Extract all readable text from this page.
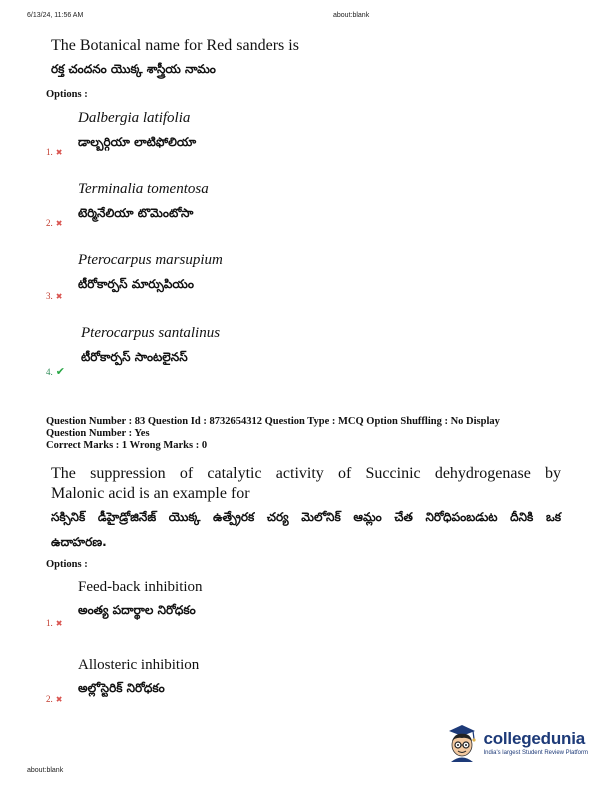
6/13/24, 11:56 AM	about:blank
The Botanical name for Red sanders is
రక్త చందనం యొక్క శాస్త్రీయ నామం
Options :
Dalbergia latifolia
డాల్బర్గియా లాటిఫోలియా
1. ✖
Terminalia tomentosa
టెర్మినేలియా టొమెంటోసా
2. ✖
Pterocarpus marsupium
టీరోకార్పస్ మార్సుపియం
3. ✖
Pterocarpus santalinus
టీరోకార్పస్ సాంటలైనస్
4. ✔
Question Number : 83 Question Id : 8732654312 Question Type : MCQ Option Shuffling : No Display
Question Number : Yes
Correct Marks : 1 Wrong Marks : 0
The suppression of catalytic activity of Succinic dehydrogenase by
Malonic acid is an example for
సక్సినిక్ డీహైడ్రోజినేజ్ యొక్క ఉత్ప్రేరక చర్య మెలోనిక్ ఆమ్లం చేత నిరోధిపంబడుట దీనికి ఒక
ఉదాహరణ.
Options :
Feed-back inhibition
అంత్య పదార్థాల నిరోధకం
1. ✖
Allosteric inhibition
అల్లోస్టెరిక్ నిరోధకం
2. ✖
about:blank
collegedunia
India's largest Student Review Platform
